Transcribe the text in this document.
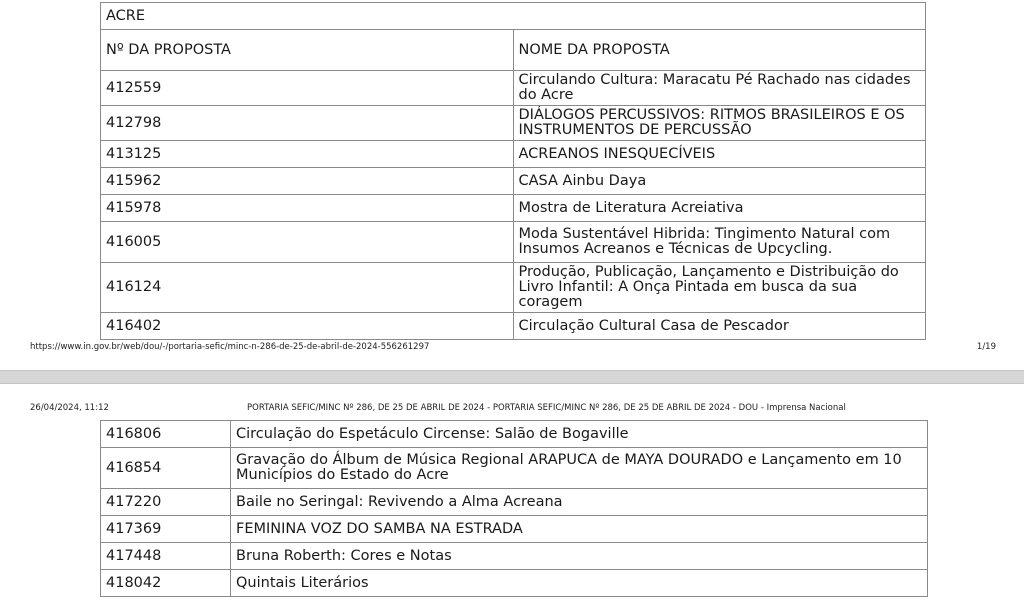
ACRE	
Nº DA PROPOSTA	NOME DA PROPOSTA
412559	Circulando Cultura: Maracatu Pé Rachado nas cidades do Acre
412798	DIÁLOGOS PERCUSSIVOS: RITMOS BRASILEIROS E OS INSTRUMENTOS DE PERCUSSÃO
413125	ACREANOS INESQUECÍVEIS
415962	CASA Ainbu Daya
415978	Mostra de Literatura Acreiativa
416005	Moda Sustentável Hibrida: Tingimento Natural com Insumos Acreanos e Técnicas de Upcycling.
416124	Produção, Publicação, Lançamento e Distribuição do Livro Infantil: A Onça Pintada em busca da sua coragem
416402	Circulação Cultural Casa de Pescador
https://www.in.gov.br/web/dou/-/portaria-sefic/minc-n-286-de-25-de-abril-de-2024-556261297	1/19
26/04/2024, 11:12	PORTARIA SEFIC/MINC Nº 286, DE 25 DE ABRIL DE 2024 - PORTARIA SEFIC/MINC Nº 286, DE 25 DE ABRIL DE 2024 - DOU - Imprensa Nacional
416806	Circulação do Espetáculo Circense: Salão de Bogaville
416854	Gravação do Álbum de Música Regional ARAPUCA de MAYA DOURADO e Lançamento em 10 Municípios do Estado do Acre
417220	Baile no Seringal: Revivendo a Alma Acreana
417369	FEMININA VOZ DO SAMBA NA ESTRADA
417448	Bruna Roberth: Cores e Notas
418042	Quintais Literários
